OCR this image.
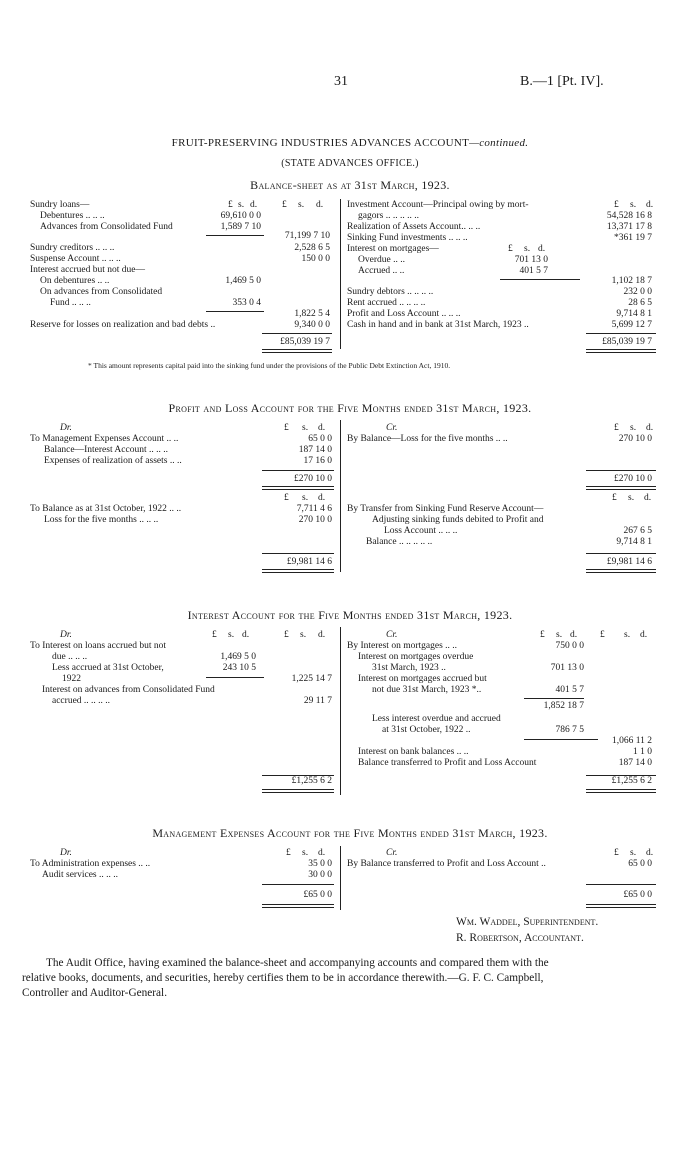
31	B.—1 [Pt. IV].
FRUIT-PRESERVING INDUSTRIES ADVANCES ACCOUNT—continued.
(STATE ADVANCES OFFICE.)
Balance-sheet as at 31st March, 1923.
£ s. d.	£ s. d.
Sundry loans—
Debentures .. .. ..	69,610 0 0
Advances from Consolidated Fund	1,589 7 10
71,199 7 10
Sundry creditors .. .. ..	2,528 6 5
Suspense Account .. .. ..	150 0 0
Interest accrued but not due—
On debentures .. ..	1,469 5 0
On advances from Consolidated
Fund .. .. ..	353 0 4
1,822 5 4
Reserve for losses on realization and bad debts ..	9,340 0 0
£85,039 19 7
£ s. d.
Investment Account—Principal owing by mort-
gagors .. .. .. .. ..	54,528 16 8
Realization of Assets Account.. .. ..	13,371 17 8
Sinking Fund investments .. .. ..	*361 19 7
Interest on mortgages—	£ s. d.
Overdue .. ..	701 13 0
Accrued .. ..	401 5 7
1,102 18 7
Sundry debtors .. .. .. ..	232 0 0
Rent accrued .. .. .. ..	28 6 5
Profit and Loss Account .. .. ..	9,714 8 1
Cash in hand and in bank at 31st March, 1923 ..	5,699 12 7
£85,039 19 7
* This amount represents capital paid into the sinking fund under the provisions of the Public Debt Extinction Act, 1910.
Profit and Loss Account for the Five Months ended 31st March, 1923.
Dr.	Cr.
£ s. d.	£ s. d.
To Management Expenses Account .. ..	65 0 0
Balance—Interest Account .. .. ..	187 14 0
Expenses of realization of assets .. ..	17 16 0
By Balance—Loss for the five months .. ..	270 10 0
£270 10 0	£270 10 0
£ s. d.	£ s. d.
To Balance as at 31st October, 1922 .. ..	7,711 4 6
Loss for the five months .. .. ..	270 10 0
By Transfer from Sinking Fund Reserve Account—
Adjusting sinking funds debited to Profit and
Loss Account .. .. ..	267 6 5
Balance .. .. .. .. ..	9,714 8 1
£9,981 14 6	£9,981 14 6
Interest Account for the Five Months ended 31st March, 1923.
Dr.	Cr.
£ s. d.	£ s. d.	£ s. d. £ s. d.
To Interest on loans accrued but not
due .. .. ..	1,469 5 0
Less accrued at 31st October,	243 10 5
1922	1,225 14 7
Interest on advances from Consolidated Fund
accrued .. .. .. ..	29 11 7
By Interest on mortgages .. ..	750 0 0
Interest on mortgages overdue
31st March, 1923 ..	701 13 0
Interest on mortgages accrued but
not due 31st March, 1923 *..	401 5 7
1,852 18 7
Less interest overdue and accrued
at 31st October, 1922 ..	786 7 5
1,066 11 2
Interest on bank balances .. ..	1 1 0
Balance transferred to Profit and Loss Account	187 14 0
£1,255 6 2	£1,255 6 2
Management Expenses Account for the Five Months ended 31st March, 1923.
Dr.	Cr.
£ s. d.	£ s. d.
To Administration expenses .. ..	35 0 0
Audit services .. .. ..	30 0 0
By Balance transferred to Profit and Loss Account ..	65 0 0
£65 0 0	£65 0 0
Wm. Waddel, Superintendent.
R. Robertson, Accountant.
The Audit Office, having examined the balance-sheet and accompanying accounts and compared them with the
relative books, documents, and securities, hereby certifies them to be in accordance therewith.—G. F. C. Campbell,
Controller and Auditor-General.
